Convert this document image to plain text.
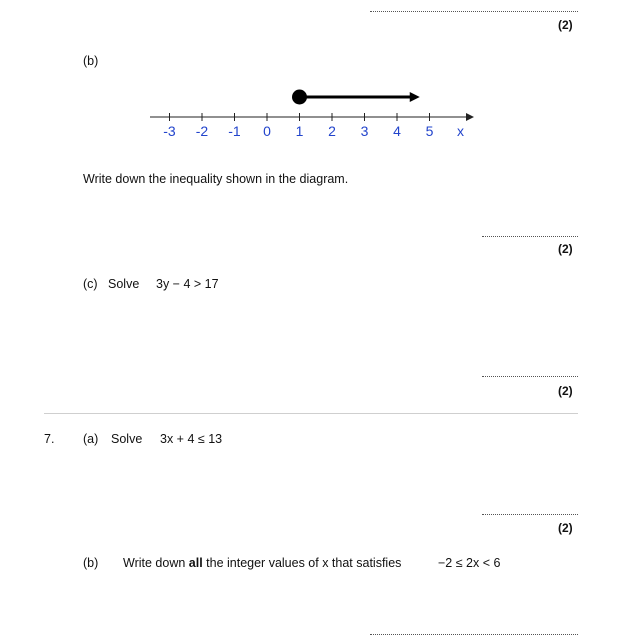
(2)
(b)
-3 -2 -1 0 1 2 3 4 5 x
Write down the inequality shown in the diagram.
(2)
(c) Solve 3y − 4 > 17
(2)
7. (a) Solve 3x + 4 ≤ 13
(2)
(b) Write down all the integer values of x that satisfies	−2 ≤ 2x < 6
